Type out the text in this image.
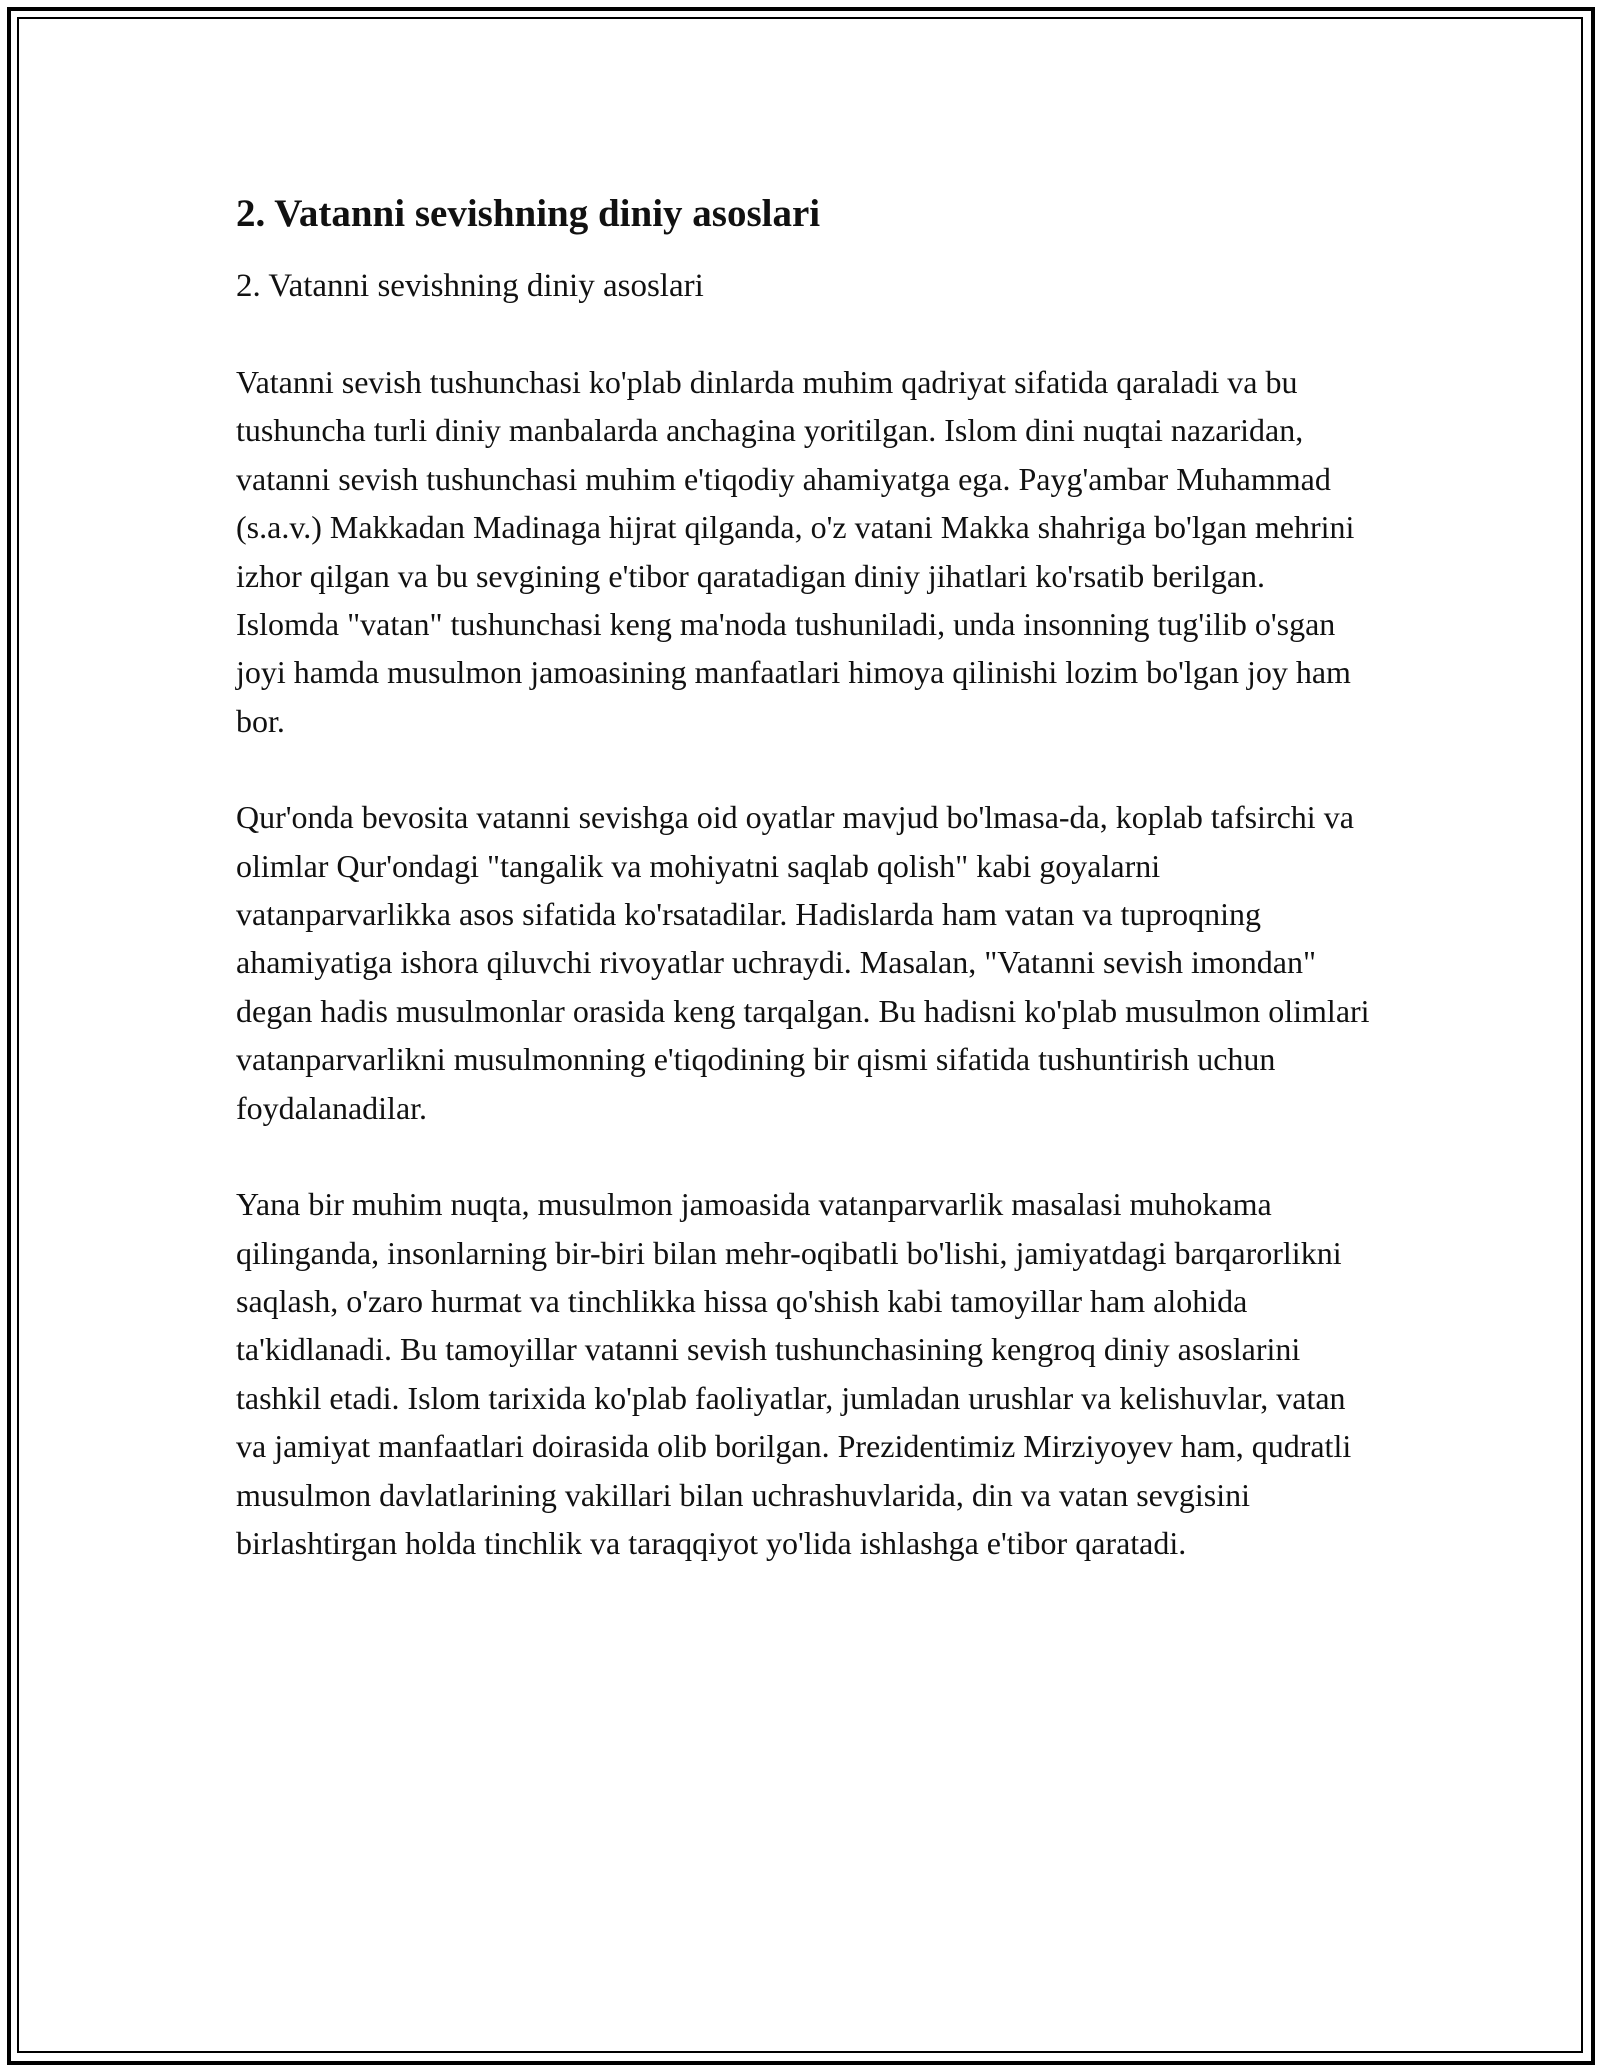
2. Vatanni sevishning diniy asoslari

2. Vatanni sevishning diniy asoslari

Vatanni sevish tushunchasi ko'plab dinlarda muhim qadriyat sifatida qaraladi va bu tushuncha turli diniy manbalarda anchagina yoritilgan. Islom dini nuqtai nazaridan, vatanni sevish tushunchasi muhim e'tiqodiy ahamiyatga ega. Payg'ambar Muhammad (s.a.v.) Makkadan Madinaga hijrat qilganda, o'z vatani Makka shahriga bo'lgan mehrini izhor qilgan va bu sevgining e'tibor qaratadigan diniy jihatlari ko'rsatib berilgan. Islomda "vatan" tushunchasi keng ma'noda tushuniladi, unda insonning tug'ilib o'sgan joyi hamda musulmon jamoasining manfaatlari himoya qilinishi lozim bo'lgan joy ham bor.

Qur'onda bevosita vatanni sevishga oid oyatlar mavjud bo'lmasa-da, koplab tafsirchi va olimlar Qur'ondagi "tangalik va mohiyatni saqlab qolish" kabi goyalarni vatanparvarlikka asos sifatida ko'rsatadilar. Hadislarda ham vatan va tuproqning ahamiyatiga ishora qiluvchi rivoyatlar uchraydi. Masalan, "Vatanni sevish imondan" degan hadis musulmonlar orasida keng tarqalgan. Bu hadisni ko'plab musulmon olimlari vatanparvarlikni musulmonning e'tiqodining bir qismi sifatida tushuntirish uchun foydalanadilar.

Yana bir muhim nuqta, musulmon jamoasida vatanparvarlik masalasi muhokama qilinganda, insonlarning bir-biri bilan mehr-oqibatli bo'lishi, jamiyatdagi barqarorlikni saqlash, o'zaro hurmat va tinchlikka hissa qo'shish kabi tamoyillar ham alohida ta'kidlanadi. Bu tamoyillar vatanni sevish tushunchasining kengroq diniy asoslarini tashkil etadi. Islom tarixida ko'plab faoliyatlar, jumladan urushlar va kelishuvlar, vatan va jamiyat manfaatlari doirasida olib borilgan. Prezidentimiz Mirziyoyev ham, qudratli musulmon davlatlarining vakillari bilan uchrashuvlarida, din va vatan sevgisini birlashtirgan holda tinchlik va taraqqiyot yo'lida ishlashga e'tibor qaratadi.
